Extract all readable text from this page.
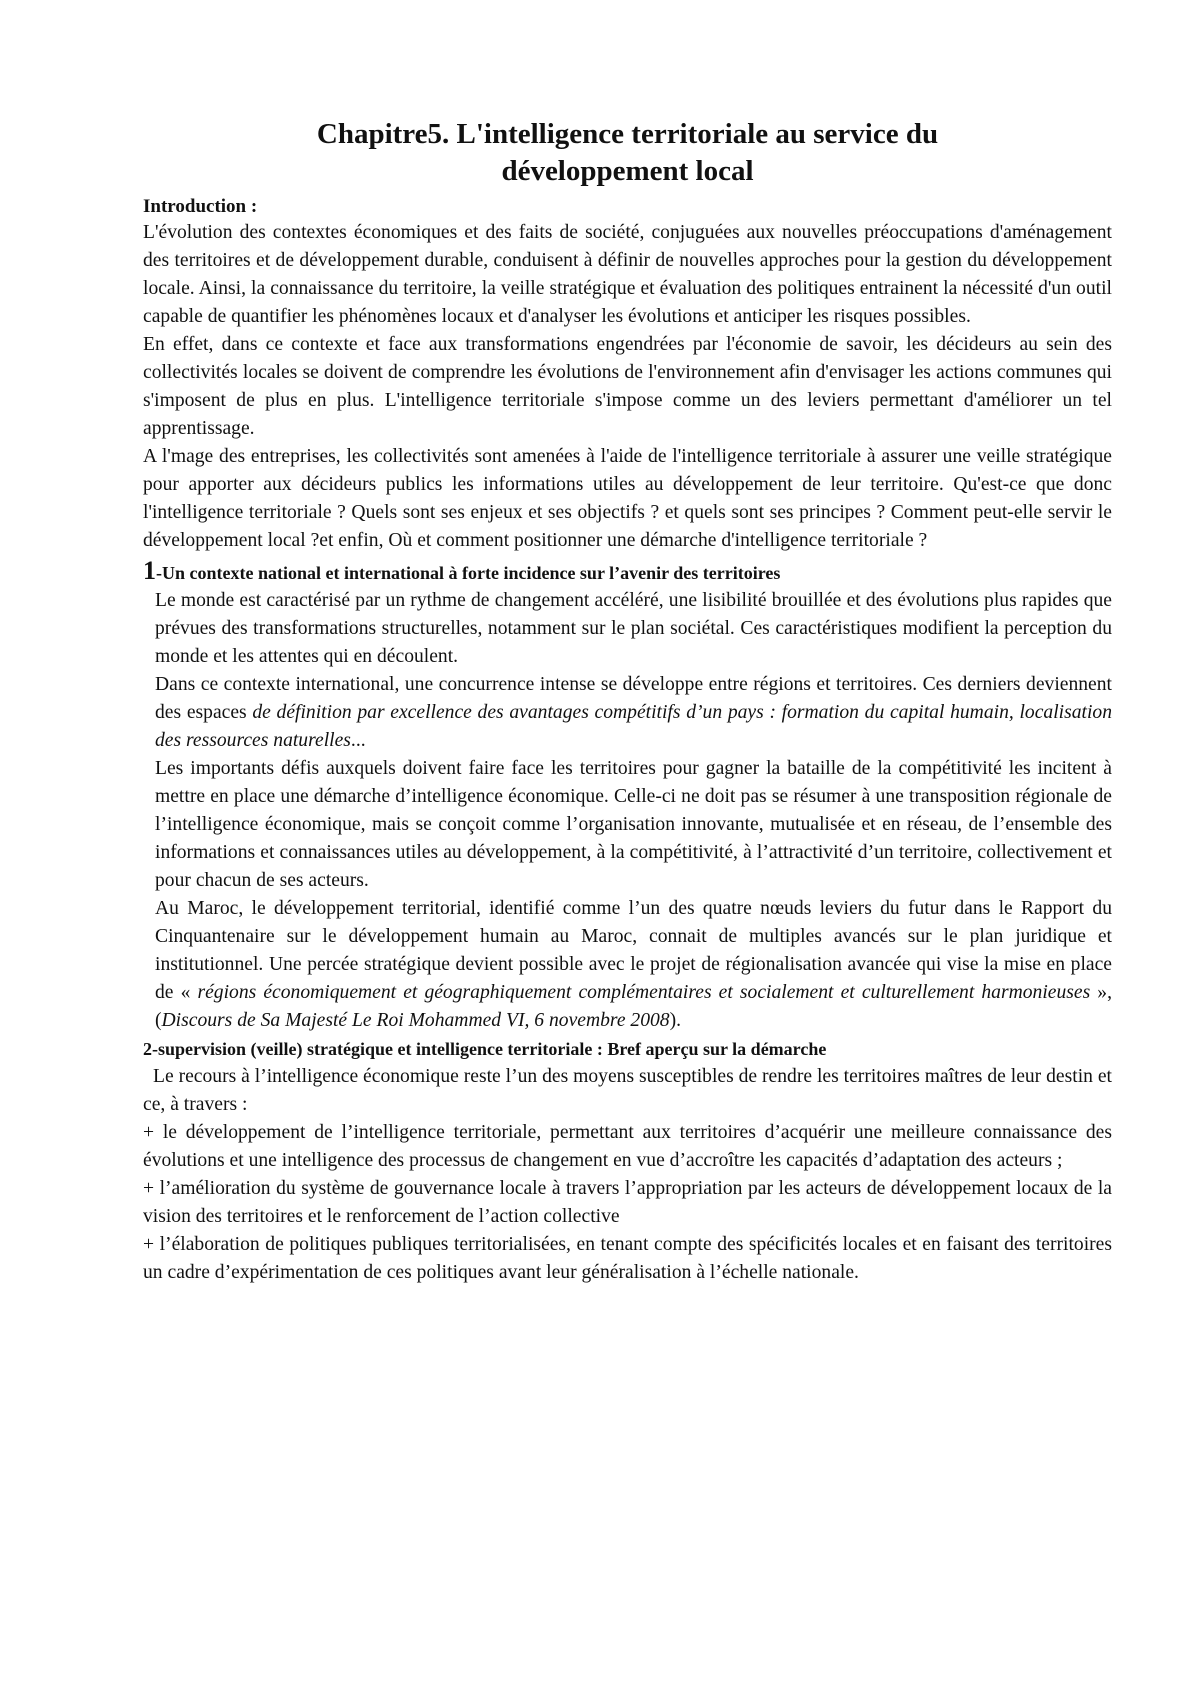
Chapitre5. L'intelligence territoriale au service du
développement local
Introduction :

L'évolution des contextes économiques et des faits de société, conjuguées aux nouvelles préoccupations d'aménagement des territoires et de développement durable, conduisent à définir de nouvelles approches pour la gestion du développement locale. Ainsi, la connaissance du territoire, la veille stratégique et évaluation des politiques entrainent la nécessité d'un outil capable de quantifier les phénomènes locaux et d'analyser les évolutions et anticiper les risques possibles.

En effet, dans ce contexte et face aux transformations engendrées par l'économie de savoir, les décideurs au sein des collectivités locales se doivent de comprendre les évolutions de l'environnement afin d'envisager les actions communes qui s'imposent de plus en plus. L'intelligence territoriale s'impose comme un des leviers permettant d'améliorer un tel apprentissage.

A l'mage des entreprises, les collectivités sont amenées à l'aide de l'intelligence territoriale à assurer une veille stratégique pour apporter aux décideurs publics les informations utiles au développement de leur territoire. Qu'est-ce que donc l'intelligence territoriale ? Quels sont ses enjeux et ses objectifs ? et quels sont ses principes ? Comment peut-elle servir le développement local ?et enfin, Où et comment positionner une démarche d'intelligence territoriale ?

1-Un contexte national et international à forte incidence sur l’avenir des territoires

Le monde est caractérisé par un rythme de changement accéléré, une lisibilité brouillée et des évolutions plus rapides que prévues des transformations structurelles, notamment sur le plan sociétal. Ces caractéristiques modifient la perception du monde et les attentes qui en découlent.

Dans ce contexte international, une concurrence intense se développe entre régions et territoires. Ces derniers deviennent des espaces de définition par excellence des avantages compétitifs d’un pays : formation du capital humain, localisation des ressources naturelles...

Les importants défis auxquels doivent faire face les territoires pour gagner la bataille de la compétitivité les incitent à mettre en place une démarche d’intelligence économique. Celle-ci ne doit pas se résumer à une transposition régionale de l’intelligence économique, mais se conçoit comme l’organisation innovante, mutualisée et en réseau, de l’ensemble des informations et connaissances utiles au développement, à la compétitivité, à l’attractivité d’un territoire, collectivement et pour chacun de ses acteurs.

Au Maroc, le développement territorial, identifié comme l’un des quatre nœuds leviers du futur dans le Rapport du Cinquantenaire sur le développement humain au Maroc, connait de multiples avancés sur le plan juridique et institutionnel. Une percée stratégique devient possible avec le projet de régionalisation avancée qui vise la mise en place de « régions économiquement et géographiquement complémentaires et socialement et culturellement harmonieuses », (Discours de Sa Majesté Le Roi Mohammed VI, 6 novembre 2008).

2-supervision (veille) stratégique et intelligence territoriale : Bref aperçu sur la démarche

Le recours à l’intelligence économique reste l’un des moyens susceptibles de rendre les territoires maîtres de leur destin et ce, à travers :

+ le développement de l’intelligence territoriale, permettant aux territoires d’acquérir une meilleure connaissance des évolutions et une intelligence des processus de changement en vue d’accroître les capacités d’adaptation des acteurs ;

+ l’amélioration du système de gouvernance locale à travers l’appropriation par les acteurs de développement locaux de la vision des territoires et le renforcement de l’action collective

+ l’élaboration de politiques publiques territorialisées, en tenant compte des spécificités locales et en faisant des territoires un cadre d’expérimentation de ces politiques avant leur généralisation à l’échelle nationale.
